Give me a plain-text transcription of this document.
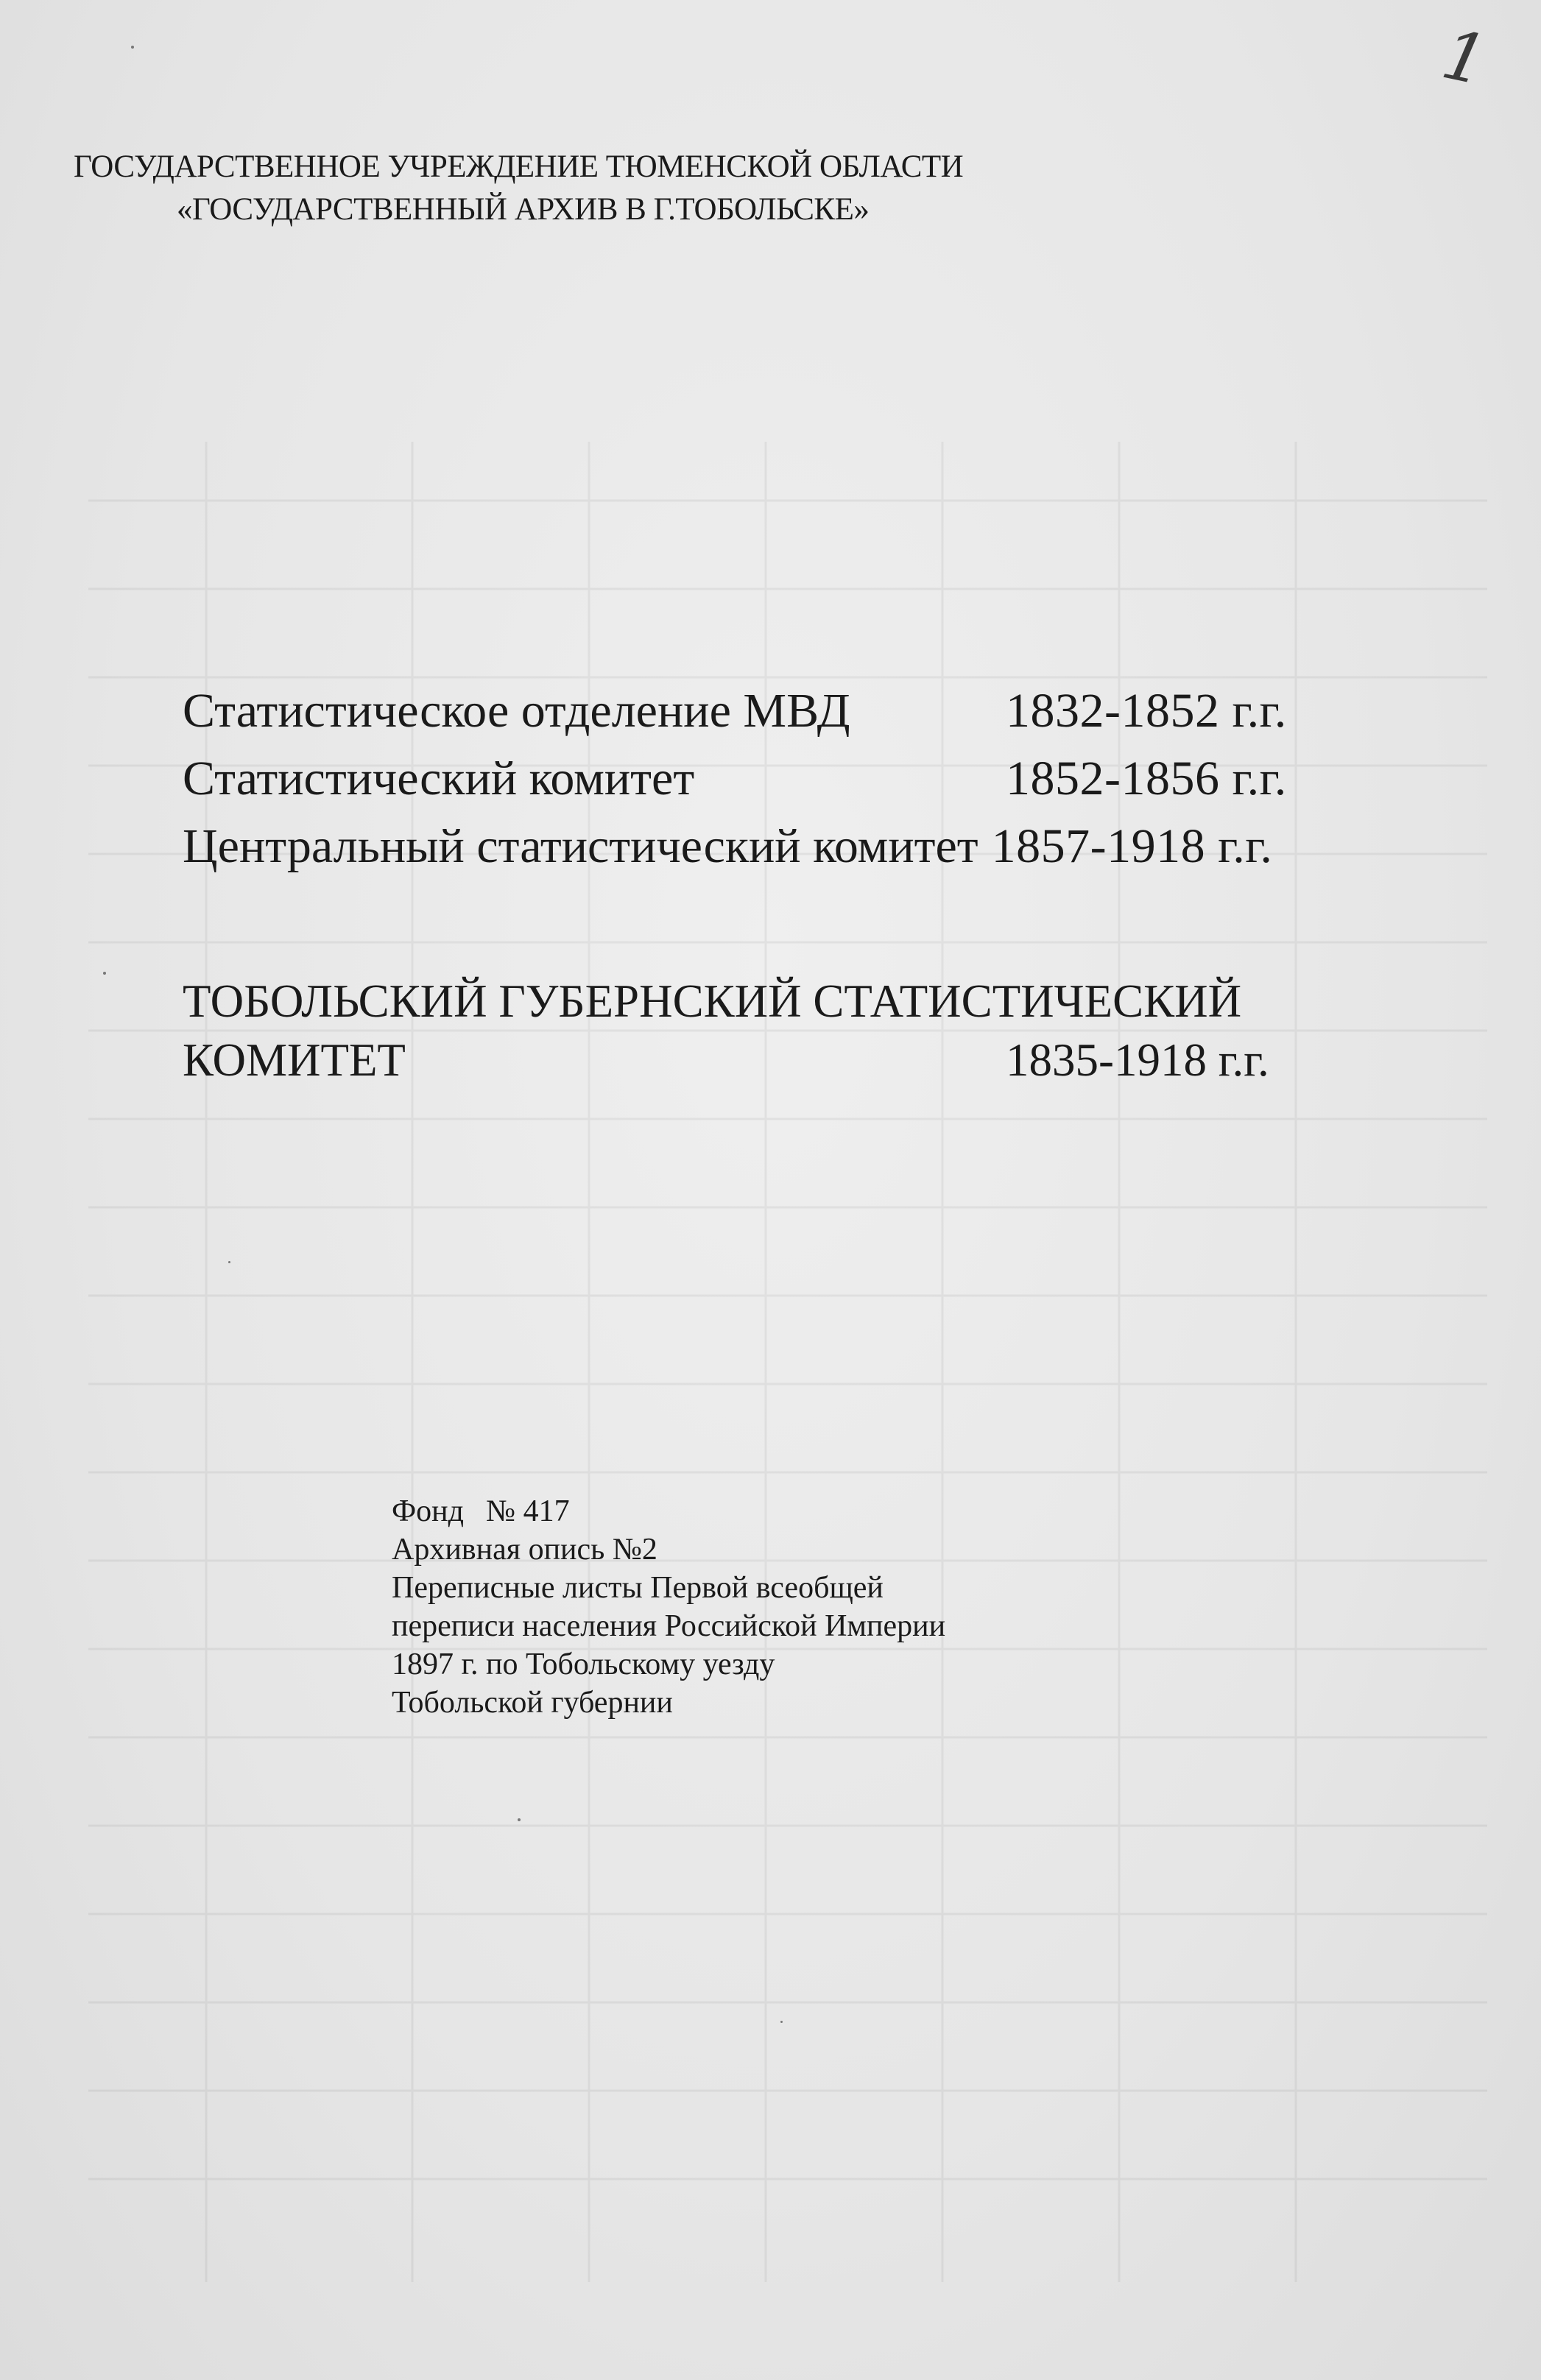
1
ГОСУДАРСТВЕННОЕ УЧРЕЖДЕНИЕ ТЮМЕНСКОЙ ОБЛАСТИ
«ГОСУДАРСТВЕННЫЙ АРХИВ В Г.ТОБОЛЬСКЕ»
Статистическое отделение МВД	1832-1852 г.г.
Статистический комитет	1852-1856 г.г.
Центральный статистический комитет 1857-1918 г.г.
ТОБОЛЬСКИЙ ГУБЕРНСКИЙ СТАТИСТИЧЕСКИЙ
КОМИТЕТ	1835-1918 г.г.
Фонд № 417
Архивная опись №2
Переписные листы Первой всеобщей
переписи населения Российской Империи
1897 г. по Тобольскому уезду
Тобольской губернии
